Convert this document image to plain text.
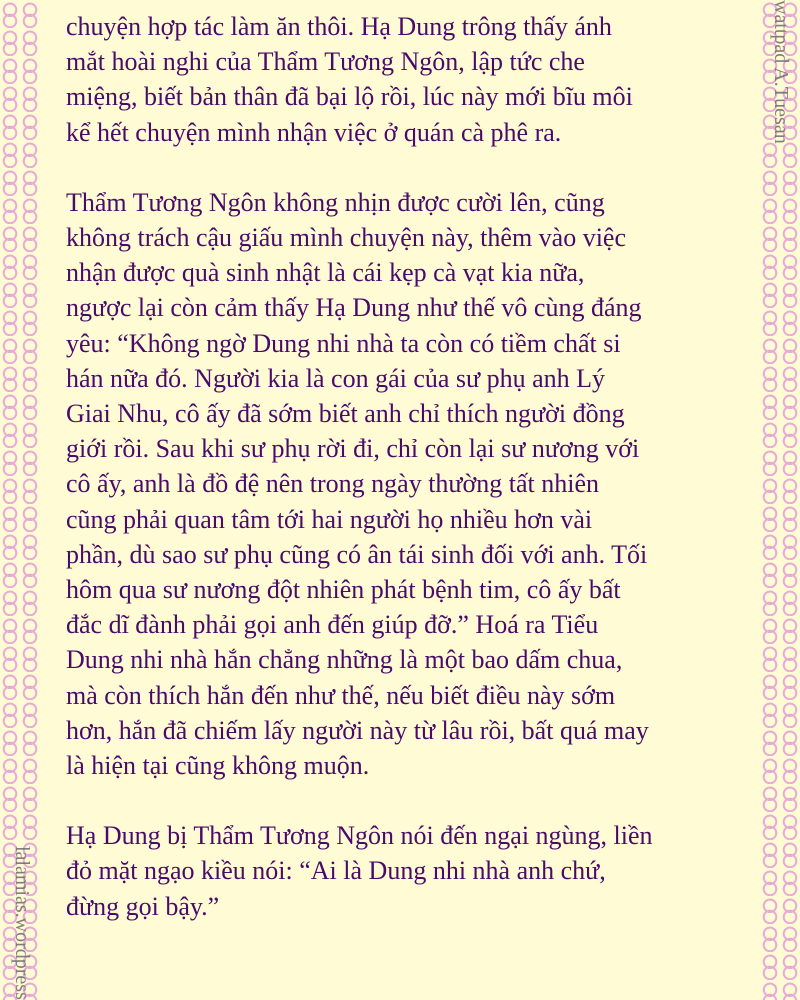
lalamias.wordpress
wattpad A.Tuesan

chuyện hợp tác làm ăn thôi. Hạ Dung trông thấy ánh
mắt hoài nghi của Thẩm Tương Ngôn, lập tức che
miệng, biết bản thân đã bại lộ rồi, lúc này mới bĩu môi
kể hết chuyện mình nhận việc ở quán cà phê ra.

Thẩm Tương Ngôn không nhịn được cười lên, cũng
không trách cậu giấu mình chuyện này, thêm vào việc
nhận được quà sinh nhật là cái kẹp cà vạt kia nữa,
ngược lại còn cảm thấy Hạ Dung như thế vô cùng đáng
yêu: “Không ngờ Dung nhi nhà ta còn có tiềm chất si
hán nữa đó. Người kia là con gái của sư phụ anh Lý
Giai Nhu, cô ấy đã sớm biết anh chỉ thích người đồng
giới rồi. Sau khi sư phụ rời đi, chỉ còn lại sư nương với
cô ấy, anh là đồ đệ nên trong ngày thường tất nhiên
cũng phải quan tâm tới hai người họ nhiều hơn vài
phần, dù sao sư phụ cũng có ân tái sinh đối với anh. Tối
hôm qua sư nương đột nhiên phát bệnh tim, cô ấy bất
đắc dĩ đành phải gọi anh đến giúp đỡ.” Hoá ra Tiểu
Dung nhi nhà hắn chẳng những là một bao dấm chua,
mà còn thích hắn đến như thế, nếu biết điều này sớm
hơn, hắn đã chiếm lấy người này từ lâu rồi, bất quá may
là hiện tại cũng không muộn.

Hạ Dung bị Thẩm Tương Ngôn nói đến ngại ngùng, liền
đỏ mặt ngạo kiều nói: “Ai là Dung nhi nhà anh chứ,
đừng gọi bậy.”
